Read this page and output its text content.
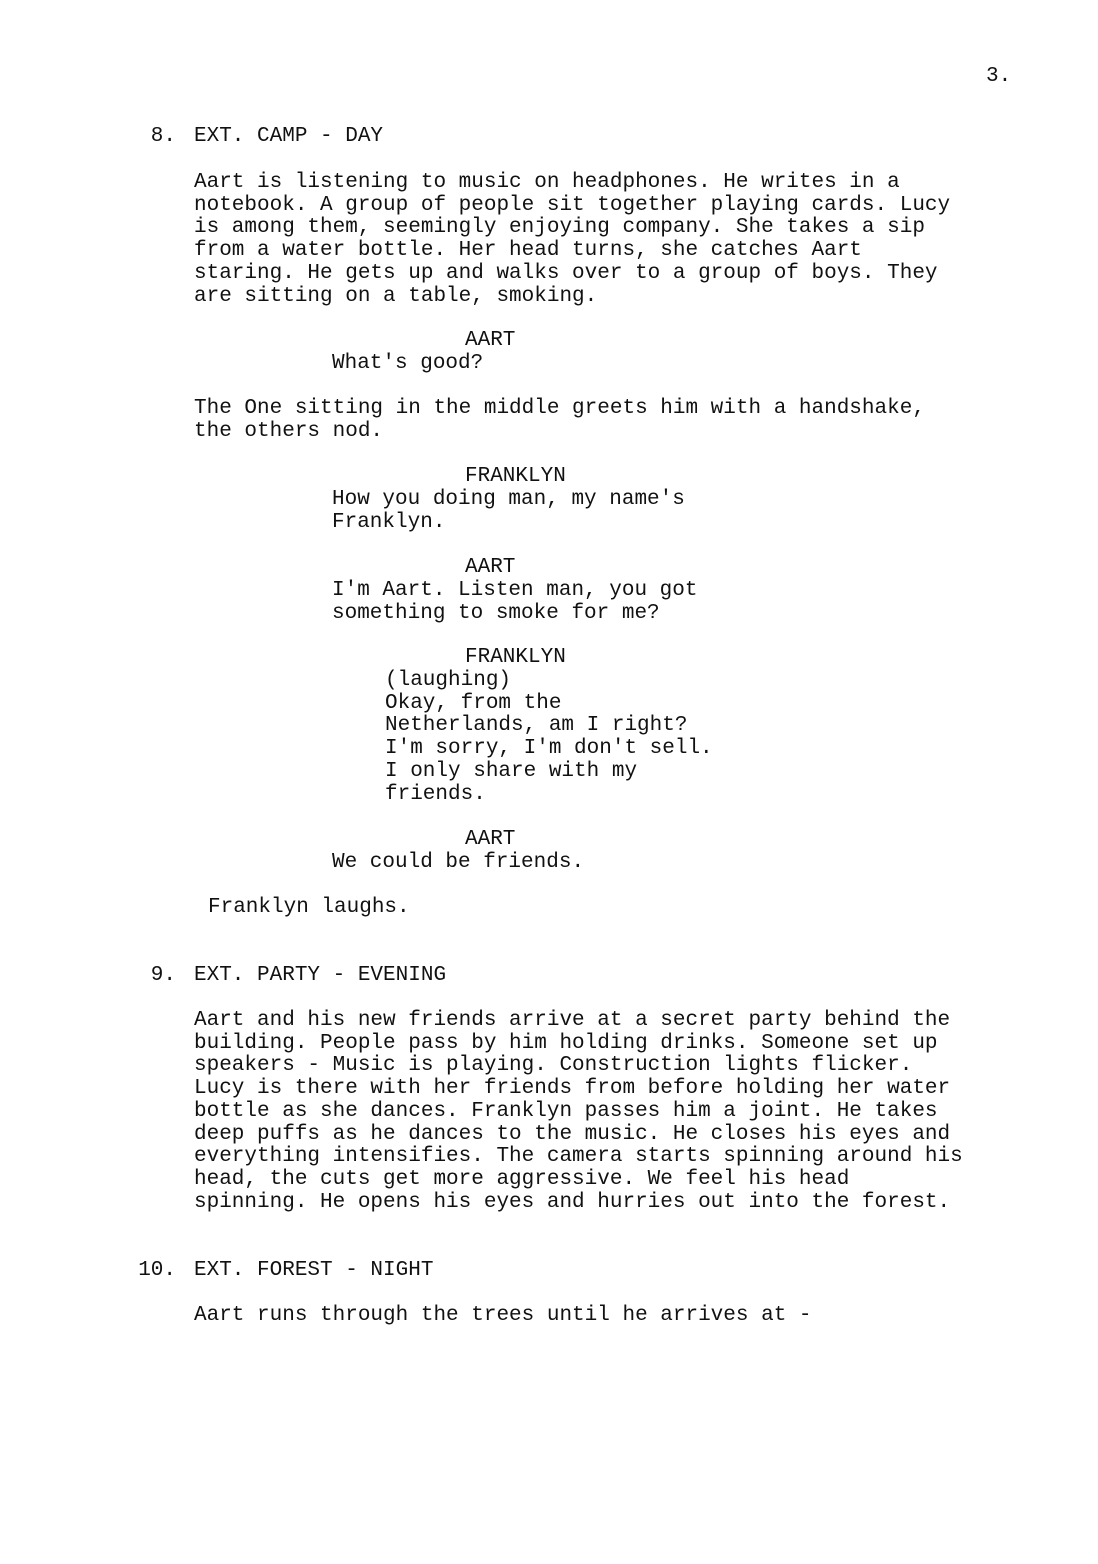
3.
8. EXT. CAMP - DAY
Aart is listening to music on headphones. He writes in a
notebook. A group of people sit together playing cards. Lucy
is among them, seemingly enjoying company. She takes a sip
from a water bottle. Her head turns, she catches Aart
staring. He gets up and walks over to a group of boys. They
are sitting on a table, smoking.
AART
What's good?
The One sitting in the middle greets him with a handshake,
the others nod.
FRANKLYN
How you doing man, my name's
Franklyn.
AART
I'm Aart. Listen man, you got
something to smoke for me?
FRANKLYN
(laughing)
Okay, from the
Netherlands, am I right?
I'm sorry, I'm don't sell.
I only share with my
friends.
AART
We could be friends.
Franklyn laughs.
9. EXT. PARTY - EVENING
Aart and his new friends arrive at a secret party behind the
building. People pass by him holding drinks. Someone set up
speakers - Music is playing. Construction lights flicker.
Lucy is there with her friends from before holding her water
bottle as she dances. Franklyn passes him a joint. He takes
deep puffs as he dances to the music. He closes his eyes and
everything intensifies. The camera starts spinning around his
head, the cuts get more aggressive. We feel his head
spinning. He opens his eyes and hurries out into the forest.
10. EXT. FOREST - NIGHT
Aart runs through the trees until he arrives at -
